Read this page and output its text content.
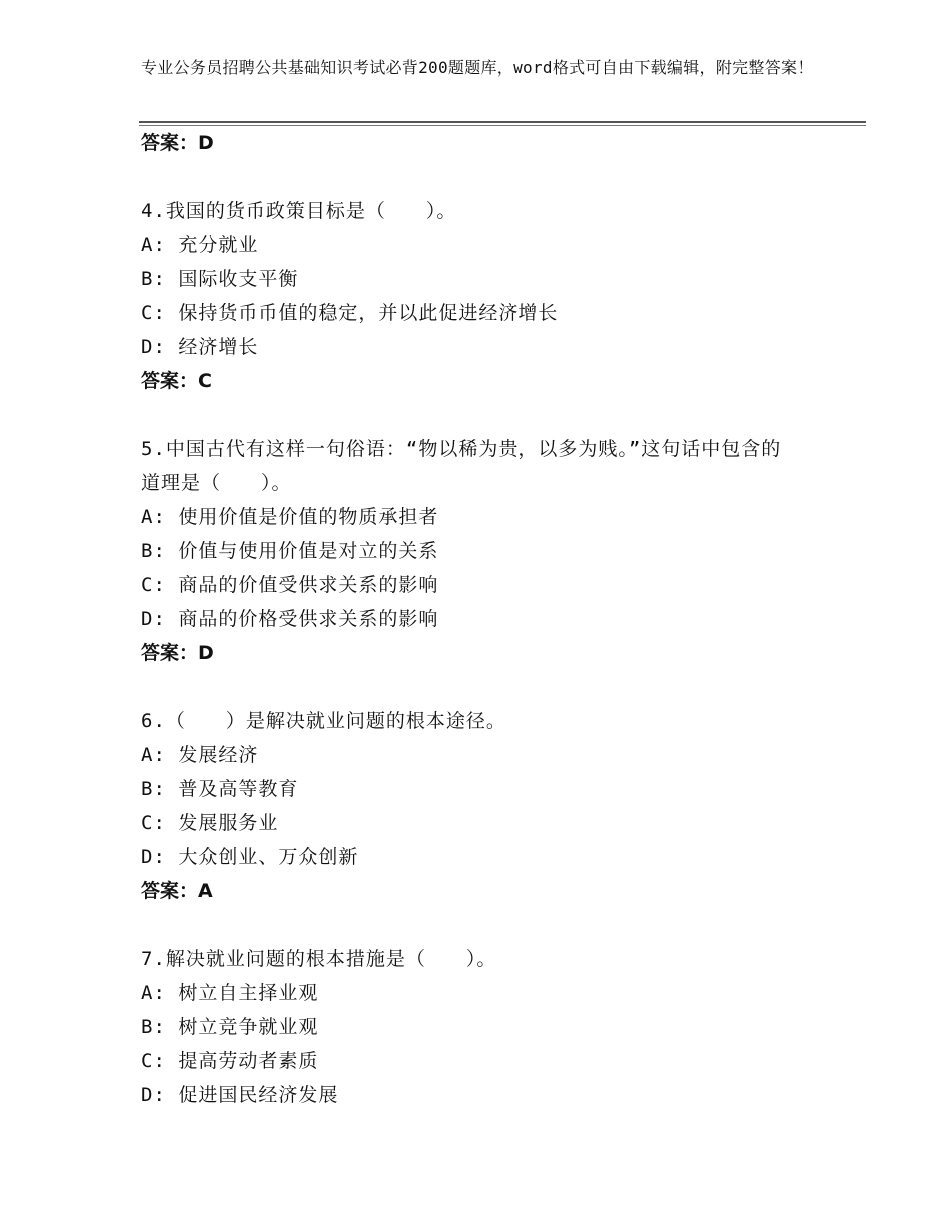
专业公务员招聘公共基础知识考试必背200题题库，word格式可自由下载编辑，附完整答案！
答案：D
4.我国的货币政策目标是（　　）。
A: 充分就业
B: 国际收支平衡
C: 保持货币币值的稳定，并以此促进经济增长
D: 经济增长
答案：C
5.中国古代有这样一句俗语：“物以稀为贵，以多为贱。”这句话中包含的道理是（　　）。
A: 使用价值是价值的物质承担者
B: 价值与使用价值是对立的关系
C: 商品的价值受供求关系的影响
D: 商品的价格受供求关系的影响
答案：D
6.（　　）是解决就业问题的根本途径。
A: 发展经济
B: 普及高等教育
C: 发展服务业
D: 大众创业、万众创新
答案：A
7.解决就业问题的根本措施是（　　）。
A: 树立自主择业观
B: 树立竞争就业观
C: 提高劳动者素质
D: 促进国民经济发展
